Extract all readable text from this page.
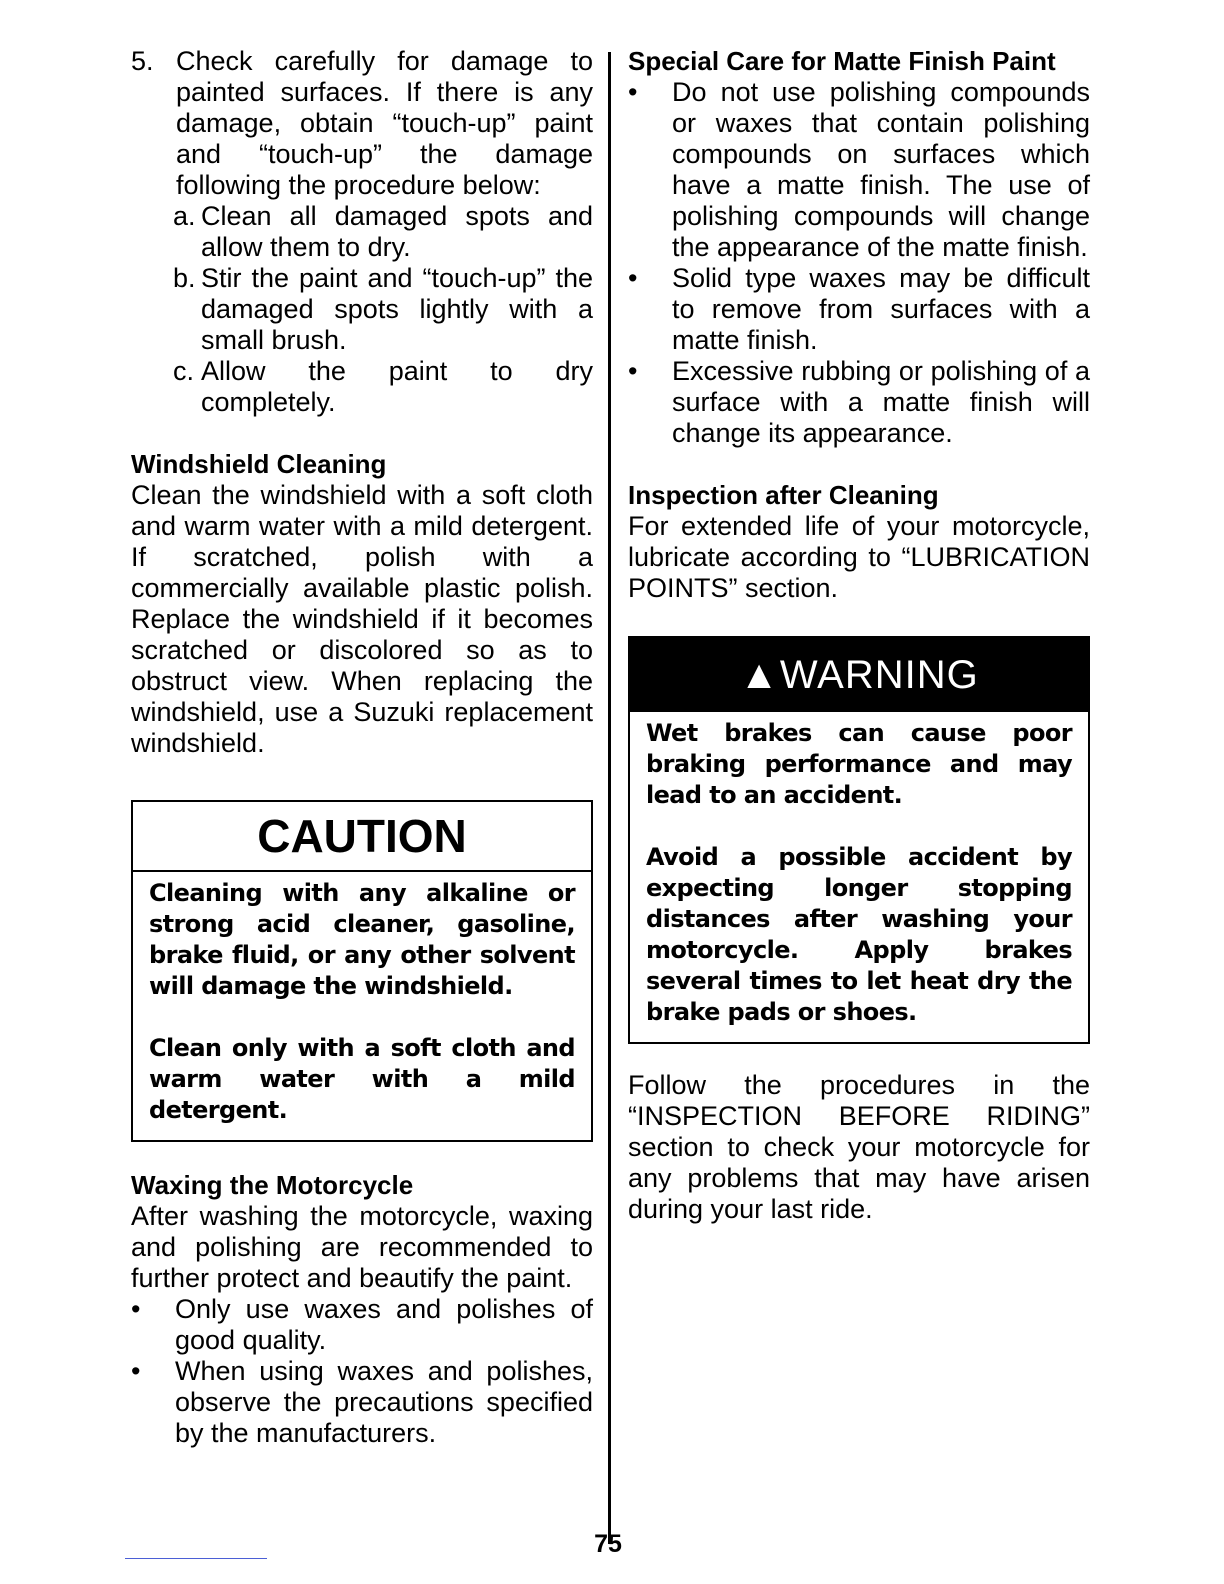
5. Check carefully for damage to painted surfaces. If there is any damage, obtain “touch-up” paint and “touch-up” the damage following the procedure below:
a. Clean all damaged spots and allow them to dry.
b. Stir the paint and “touch-up” the damaged spots lightly with a small brush.
c. Allow the paint to dry completely.

Windshield Cleaning

Clean the windshield with a soft cloth and warm water with a mild detergent. If scratched, polish with a commercially available plastic polish. Replace the windshield if it becomes scratched or discolored so as to obstruct view. When replacing the windshield, use a Suzuki replacement windshield.

CAUTION

Cleaning with any alkaline or strong acid cleaner, gasoline, brake fluid, or any other solvent will damage the windshield.

Clean only with a soft cloth and warm water with a mild detergent.

Waxing the Motorcycle

After washing the motorcycle, waxing and polishing are recommended to further protect and beautify the paint.

• Only use waxes and polishes of good quality.
• When using waxes and polishes, observe the precautions specified by the manufacturers.

Special Care for Matte Finish Paint

• Do not use polishing compounds or waxes that contain polishing compounds on surfaces which have a matte finish. The use of polishing compounds will change the appearance of the matte finish.
• Solid type waxes may be difficult to remove from surfaces with a matte finish.
• Excessive rubbing or polishing of a surface with a matte finish will change its appearance.

Inspection after Cleaning

For extended life of your motorcycle, lubricate according to “LUBRICATION POINTS” section.

▲WARNING

Wet brakes can cause poor braking performance and may lead to an accident.

Avoid a possible accident by expecting longer stopping distances after washing your motorcycle. Apply brakes several times to let heat dry the brake pads or shoes.

Follow the procedures in the “INSPECTION BEFORE RIDING” section to check your motorcycle for any problems that may have arisen during your last ride.

75
